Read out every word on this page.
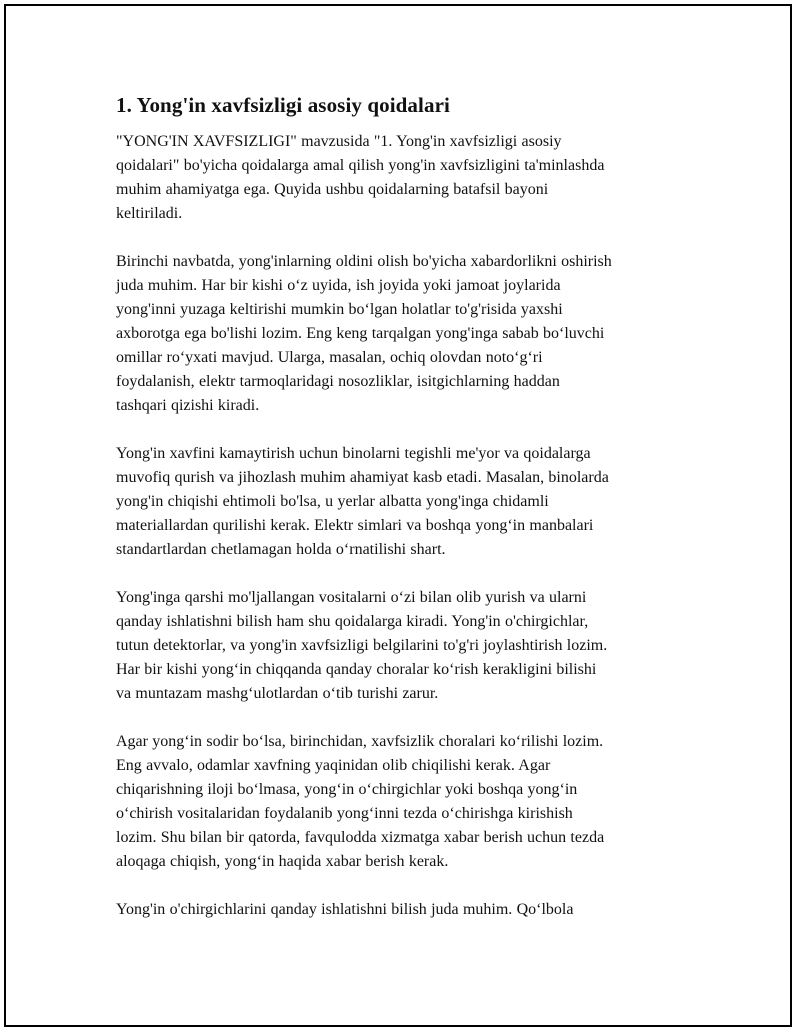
1. Yong'in xavfsizligi asosiy qoidalari

"YONG'IN XAVFSIZLIGI" mavzusida "1. Yong'in xavfsizligi asosiy
qoidalari" bo'yicha qoidalarga amal qilish yong'in xavfsizligini ta'minlashda
muhim ahamiyatga ega. Quyida ushbu qoidalarning batafsil bayoni
keltiriladi.

Birinchi navbatda, yong'inlarning oldini olish bo'yicha xabardorlikni oshirish
juda muhim. Har bir kishi o‘z uyida, ish joyida yoki jamoat joylarida
yong'inni yuzaga keltirishi mumkin bo‘lgan holatlar to'g'risida yaxshi
axborotga ega bo'lishi lozim. Eng keng tarqalgan yong'inga sabab bo‘luvchi
omillar ro‘yxati mavjud. Ularga, masalan, ochiq olovdan noto‘g‘ri
foydalanish, elektr tarmoqlaridagi nosozliklar, isitgichlarning haddan
tashqari qizishi kiradi.

Yong'in xavfini kamaytirish uchun binolarni tegishli me'yor va qoidalarga
muvofiq qurish va jihozlash muhim ahamiyat kasb etadi. Masalan, binolarda
yong'in chiqishi ehtimoli bo'lsa, u yerlar albatta yong'inga chidamli
materiallardan qurilishi kerak. Elektr simlari va boshqa yong‘in manbalari
standartlardan chetlamagan holda o‘rnatilishi shart.

Yong'inga qarshi mo'ljallangan vositalarni o‘zi bilan olib yurish va ularni
qanday ishlatishni bilish ham shu qoidalarga kiradi. Yong'in o'chirgichlar,
tutun detektorlar, va yong'in xavfsizligi belgilarini to'g'ri joylashtirish lozim.
Har bir kishi yong‘in chiqqanda qanday choralar ko‘rish kerakligini bilishi
va muntazam mashg‘ulotlardan o‘tib turishi zarur.

Agar yong‘in sodir bo‘lsa, birinchidan, xavfsizlik choralari ko‘rilishi lozim.
Eng avvalo, odamlar xavfning yaqinidan olib chiqilishi kerak. Agar
chiqarishning iloji bo‘lmasa, yong‘in o‘chirgichlar yoki boshqa yong‘in
o‘chirish vositalaridan foydalanib yong‘inni tezda o‘chirishga kirishish
lozim. Shu bilan bir qatorda, favqulodda xizmatga xabar berish uchun tezda
aloqaga chiqish, yong‘in haqida xabar berish kerak.

Yong'in o'chirgichlarini qanday ishlatishni bilish juda muhim. Qo‘lbola
